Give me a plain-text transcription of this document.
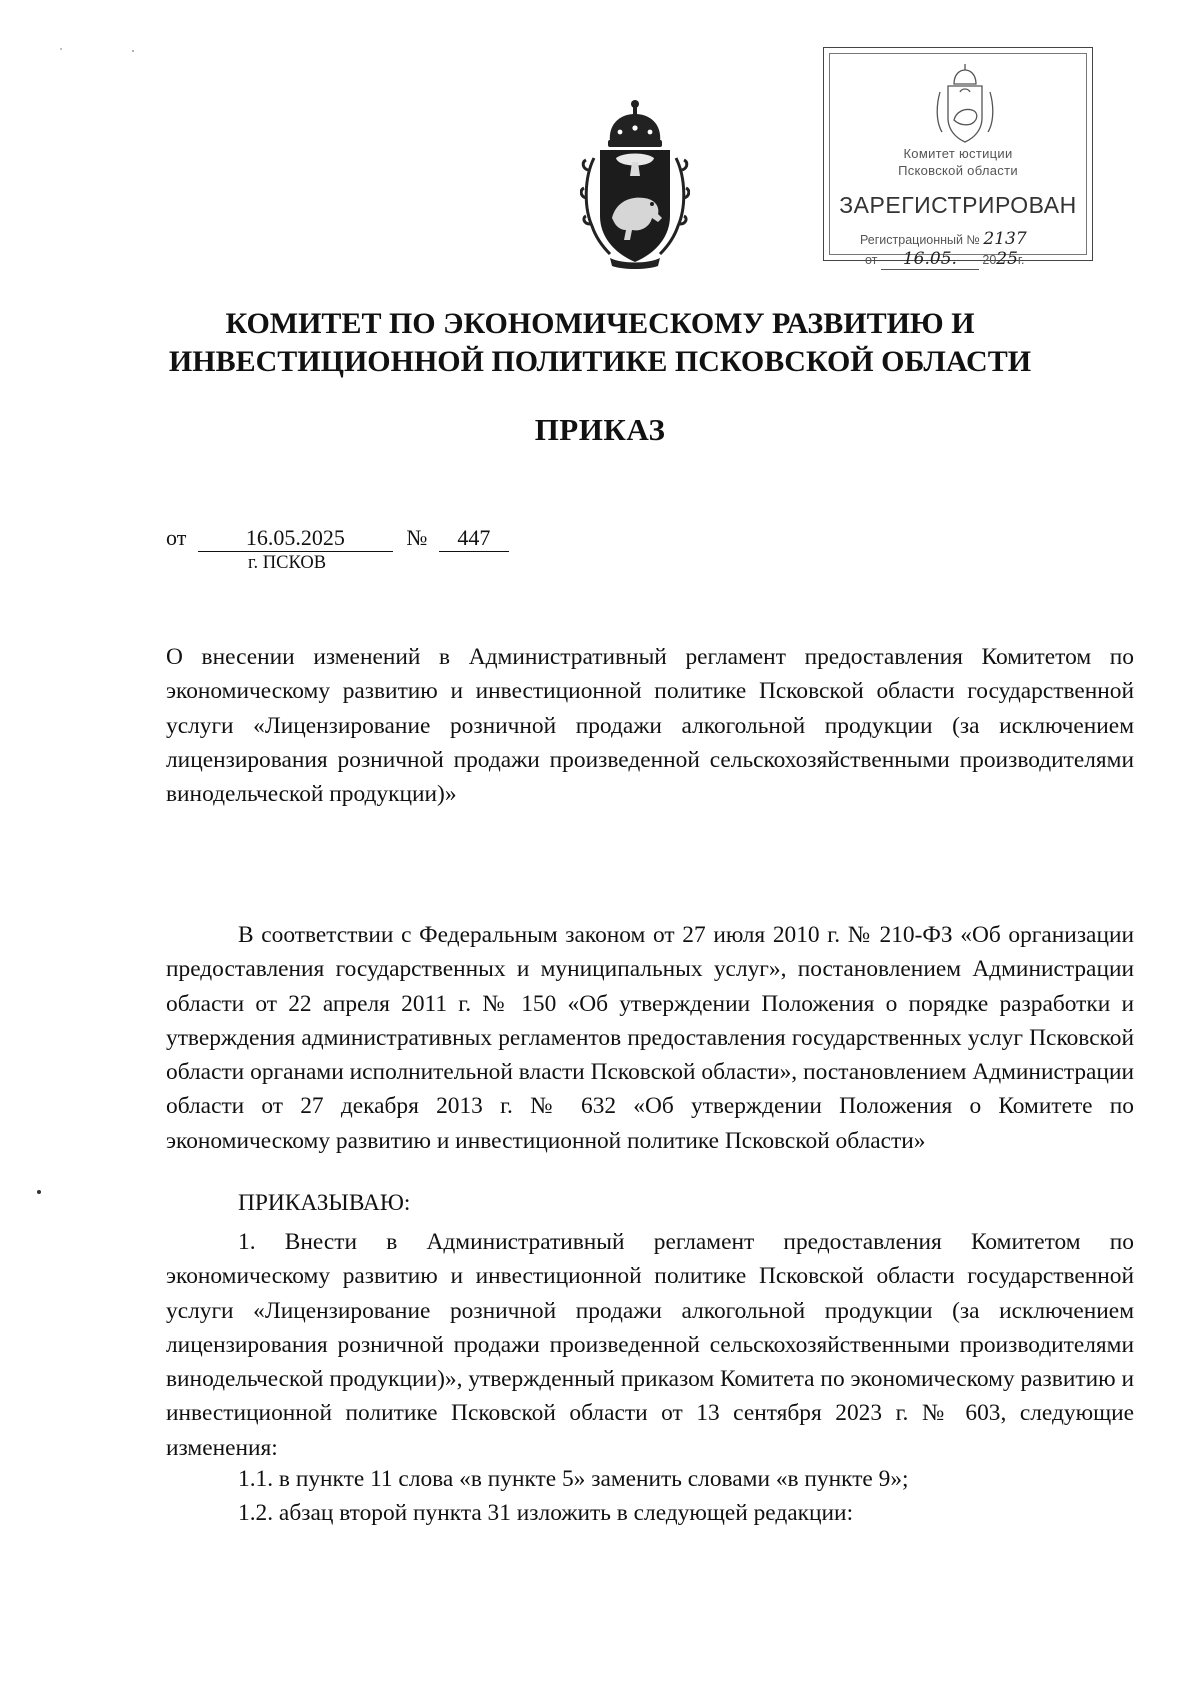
Комитет юстиции
Псковской области
ЗАРЕГИСТРИРОВАН
Регистрационный № 2137
от 16.05. 2025г.
КОМИТЕТ ПО ЭКОНОМИЧЕСКОМУ РАЗВИТИЮ И
ИНВЕСТИЦИОННОЙ ПОЛИТИКЕ ПСКОВСКОЙ ОБЛАСТИ
ПРИКАЗ
от	16.05.2025	№ 447
г. ПСКОВ
О внесении изменений в Административный регламент предоставления Комитетом по экономическому развитию и инвестиционной политике Псковской области государственной услуги «Лицензирование розничной продажи алкогольной продукции (за исключением лицензирования розничной продажи произведенной сельскохозяйственными производителями винодельческой продукции)»
В соответствии с Федеральным законом от 27 июля 2010 г. № 210-ФЗ «Об организации предоставления государственных и муниципальных услуг», постановлением Администрации области от 22 апреля 2011 г. № 150 «Об утверждении Положения о порядке разработки и утверждения административных регламентов предоставления государственных услуг Псковской области органами исполнительной власти Псковской области», постановлением Администрации области от 27 декабря 2013 г. № 632 «Об утверждении Положения о Комитете по экономическому развитию и инвестиционной политике Псковской области»
ПРИКАЗЫВАЮ:
1. Внести в Административный регламент предоставления Комитетом по экономическому развитию и инвестиционной политике Псковской области государственной услуги «Лицензирование розничной продажи алкогольной продукции (за исключением лицензирования розничной продажи произведенной сельскохозяйственными производителями винодельческой продукции)», утвержденный приказом Комитета по экономическому развитию и инвестиционной политике Псковской области от 13 сентября 2023 г. № 603, следующие изменения:
1.1. в пункте 11 слова «в пункте 5» заменить словами «в пункте 9»;
1.2. абзац второй пункта 31 изложить в следующей редакции:
